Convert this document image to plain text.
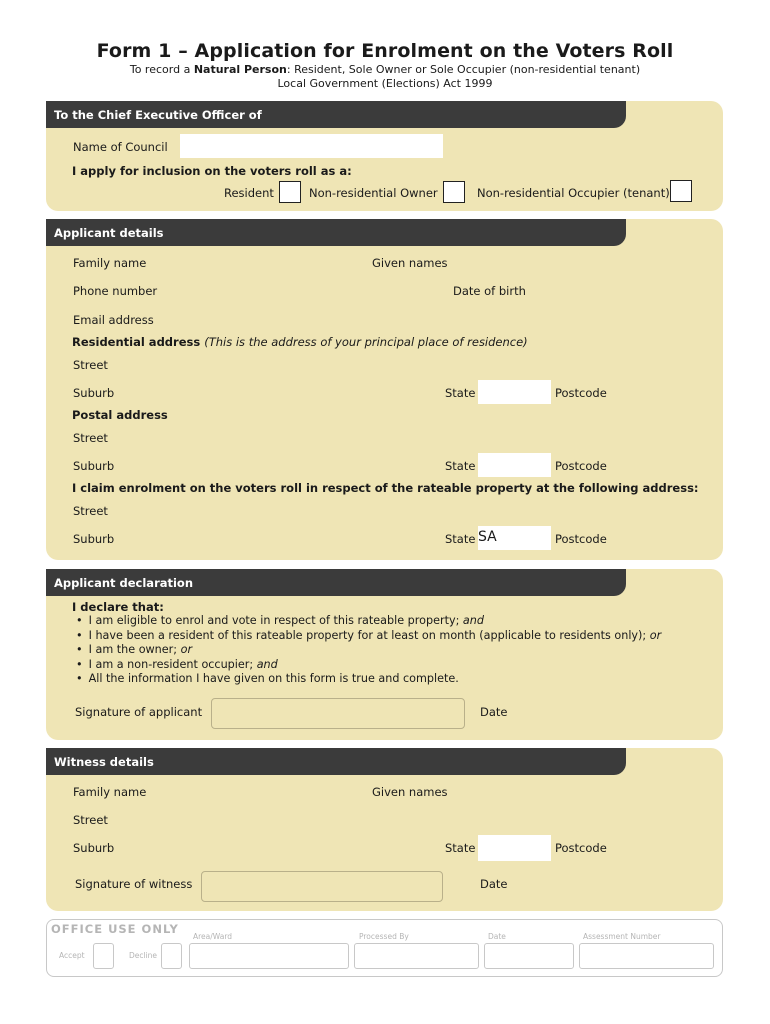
Form 1 – Application for Enrolment on the Voters Roll
To record a Natural Person: Resident, Sole Owner or Sole Occupier (non-residential tenant)
Local Government (Elections) Act 1999
To the Chief Executive Officer of
Name of Council
I apply for inclusion on the voters roll as a:
Resident	Non-residential Owner	Non-residential Occupier (tenant)
Applicant details
Family name	Given names
Phone number	Date of birth
Email address
Residential address (This is the address of your principal place of residence)
Street
Suburb	State	Postcode
Postal address
Street
Suburb	State	Postcode
I claim enrolment on the voters roll in respect of the rateable property at the following address:
Street
Suburb	State SA	Postcode
Applicant declaration
I declare that:
• I am eligible to enrol and vote in respect of this rateable property; and
• I have been a resident of this rateable property for at least on month (applicable to residents only); or
• I am the owner; or
• I am a non-resident occupier; and
• All the information I have given on this form is true and complete.
Signature of applicant	Date
Witness details
Family name	Given names
Street
Suburb	State	Postcode
Signature of witness	Date
OFFICE USE ONLY
Accept	Decline
Area/Ward	Processed By	Date	Assessment Number
